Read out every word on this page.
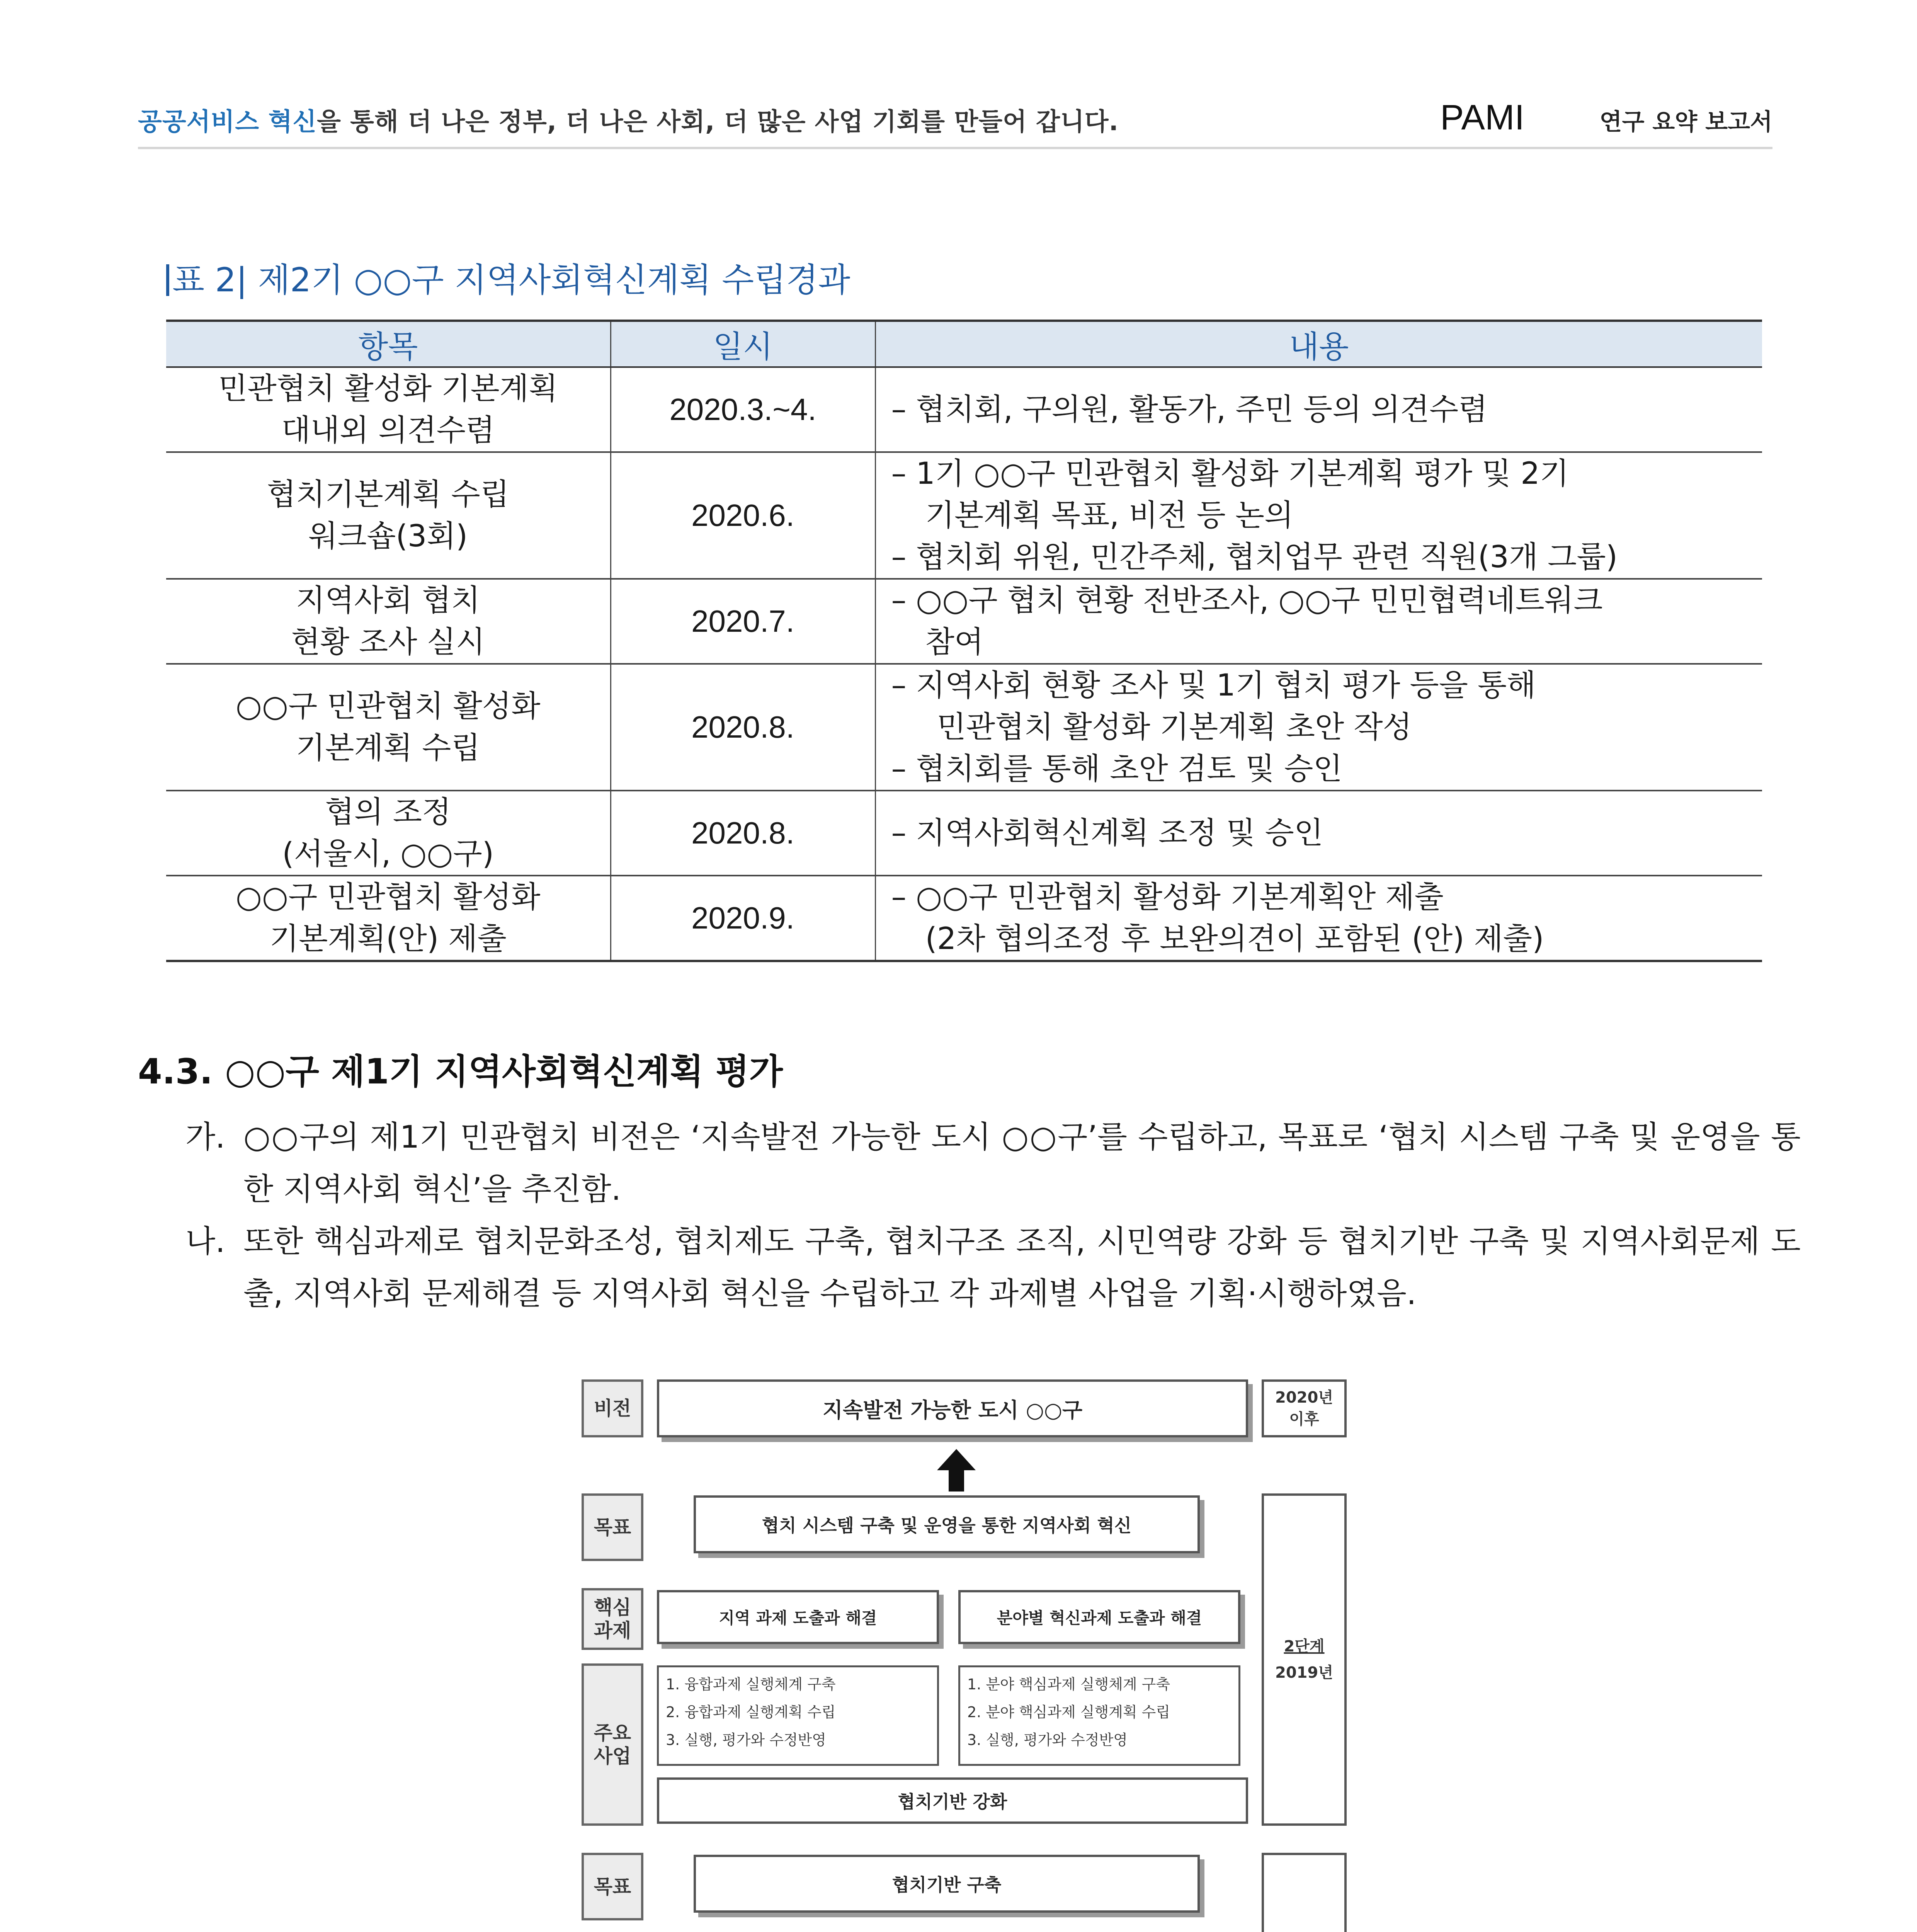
공공서비스 혁신을 통해 더 나은 정부, 더 나은 사회, 더 많은 사업 기회를 만들어 갑니다.	PAMI	연구 요약 보고서
표 2| 제2기 ○○구 지역사회혁신계획 수립경과
항목	일시	내용
민관협치 활성화 기본계획
대내외 의견수렴	2020.3.~4.	– 협치회, 구의원, 활동가, 주민 등의 의견수렴

협치기본계획 수립
워크숍(3회)	2020.6.	– 1기 ○○구 민관협치 활성화 기본계획 평가 및 2기
기본계획 목표, 비전 등 논의
– 협치회 위원, 민간주체, 협치업무 관련 직원(3개 그룹)

지역사회 협치
현황 조사 실시	2020.7.	– ○○구 협치 현황 전반조사, ○○구 민민협력네트워크
참여

○○구 민관협치 활성화
기본계획 수립	2020.8.	– 지역사회 현황 조사 및 1기 협치 평가 등을 통해
민관협치 활성화 기본계획 초안 작성
– 협치회를 통해 초안 검토 및 승인

협의 조정
(서울시, ○○구)	2020.8.	– 지역사회혁신계획 조정 및 승인

○○구 민관협치 활성화
기본계획(안) 제출	2020.9.	– ○○구 민관협치 활성화 기본계획안 제출
(2차 협의조정 후 보완의견이 포함된 (안) 제출)
4.3. ○○구 제1기 지역사회혁신계획 평가
가. ○○구의 제1기 민관협치 비전은 ‘지속발전 가능한 도시 ○○구’를 수립하고, 목표로 ‘협치 시스템 구축 및 운영을 통한 지역사회 혁신’을 추진함.
나. 또한 핵심과제로 협치문화조성, 협치제도 구축, 협치구조 조직, 시민역량 강화 등 협치기반 구축 및 지역사회문제 도출, 지역사회 문제해결 등 지역사회 혁신을 수립하고 각 과제별 사업을 기획·시행하였음.
비전	지속발전 가능한 도시 ○○구
2020년
이후
목표	협치 시스템 구축 및 운영을 통한 지역사회 혁신
핵심 과제
지역 과제 도출과 해결	분야별 혁신과제 도출과 해결
주요 사업
1. 융합과제 실행체계 구축
2. 융합과제 실행계획 수립
3. 실행, 평가와 수정반영
1. 분야 핵심과제 실행체계 구축
2. 분야 핵심과제 실행계획 수립
3. 실행, 평가와 수정반영
협치기반 강화
2단계
2019년
목표	협치기반 구축
